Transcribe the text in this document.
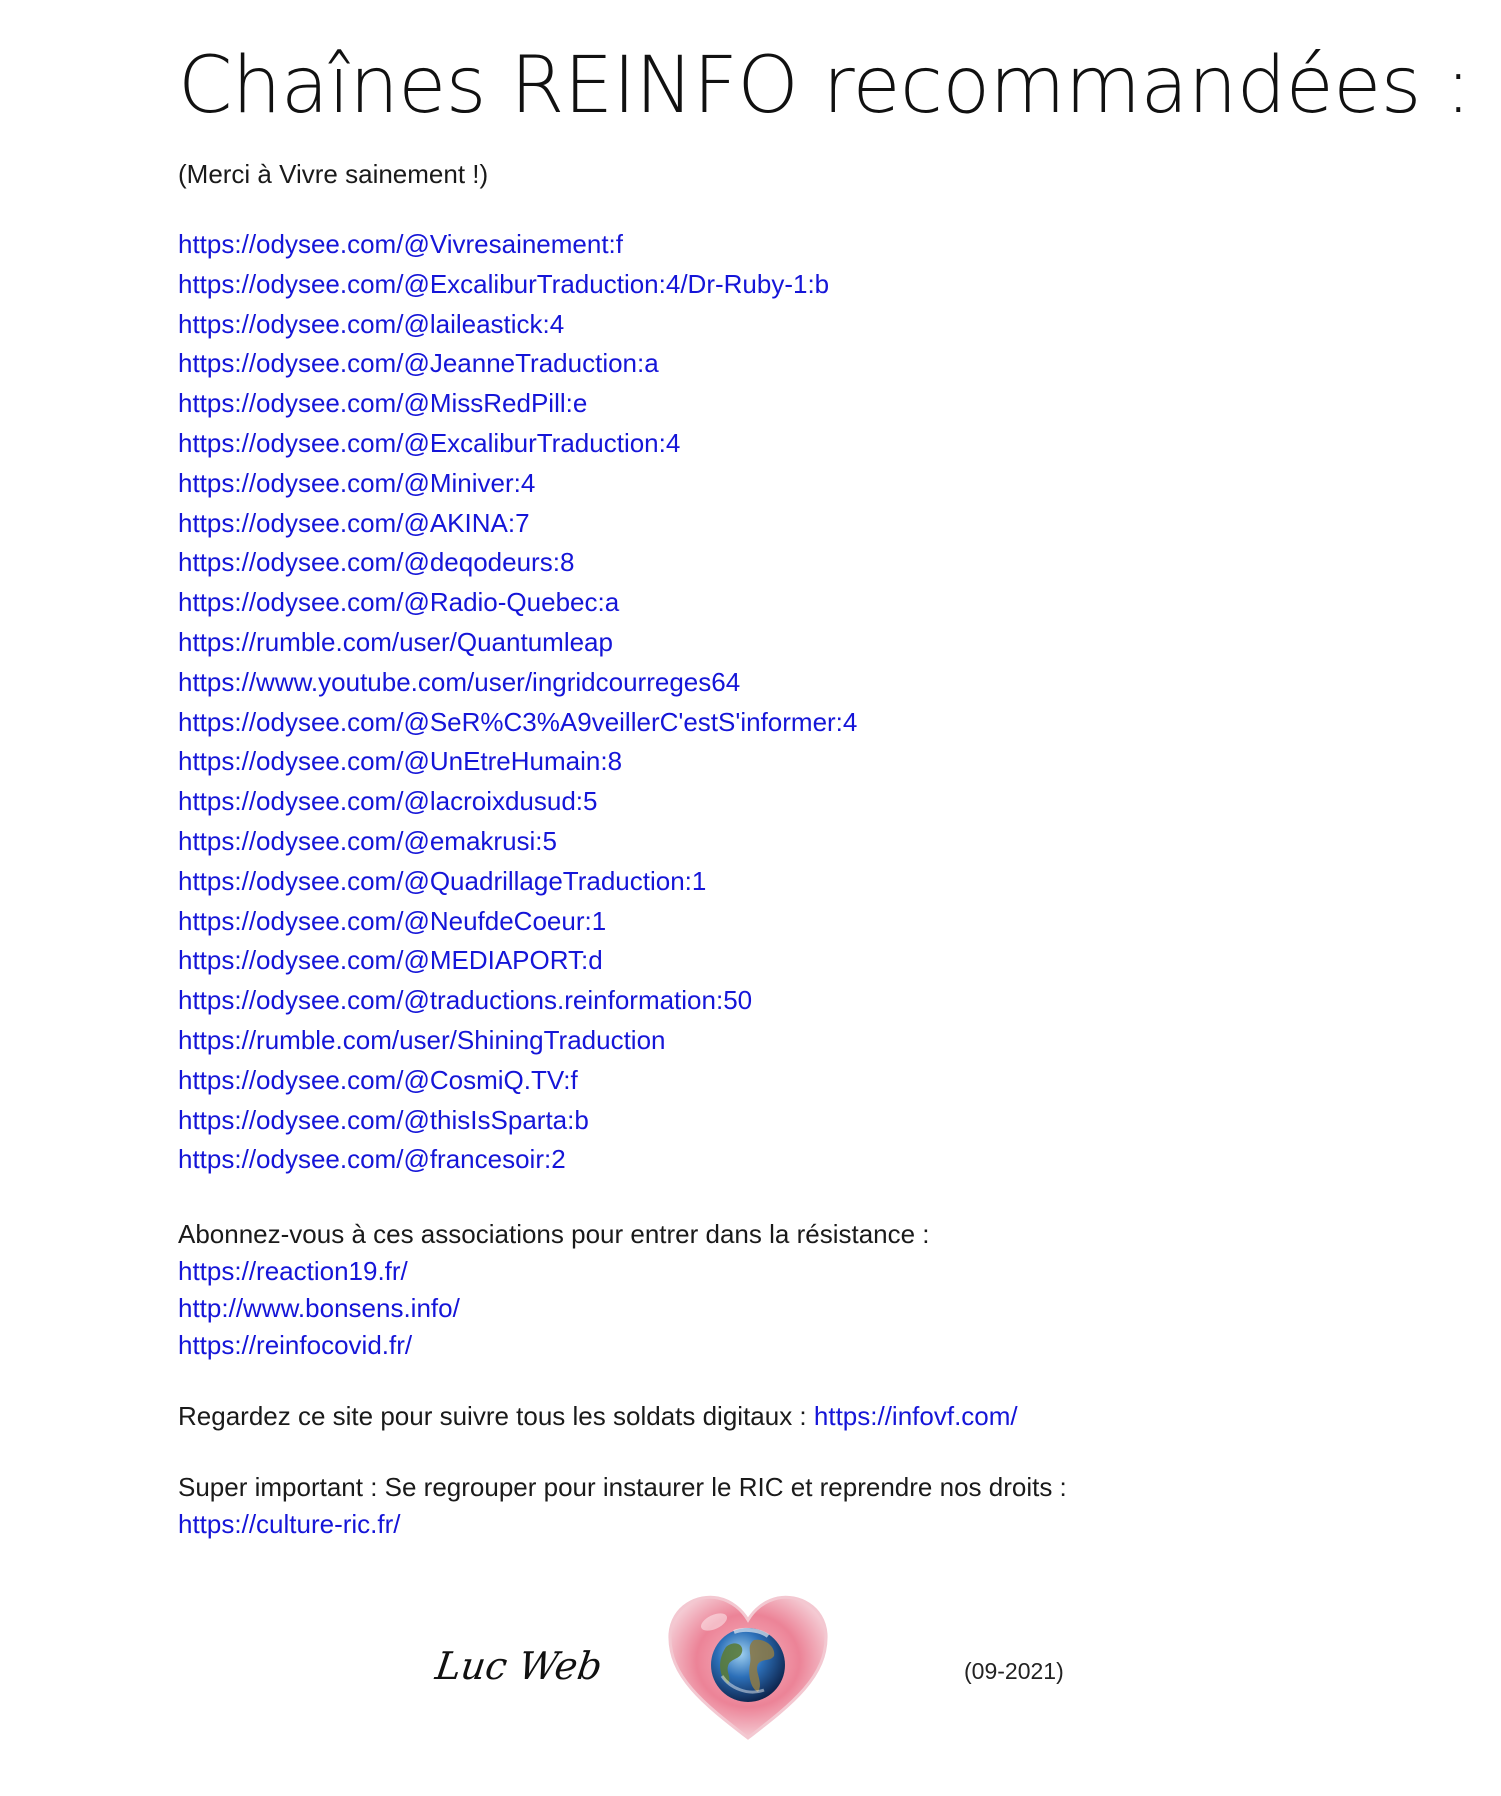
Chaînes REINFO recommandées :
(Merci à Vivre sainement !)
https://odysee.com/@Vivresainement:f
https://odysee.com/@ExcaliburTraduction:4/Dr-Ruby-1:b
https://odysee.com/@laileastick:4
https://odysee.com/@JeanneTraduction:a
https://odysee.com/@MissRedPill:e
https://odysee.com/@ExcaliburTraduction:4
https://odysee.com/@Miniver:4
https://odysee.com/@AKINA:7
https://odysee.com/@deqodeurs:8
https://odysee.com/@Radio-Quebec:a
https://rumble.com/user/Quantumleap
https://www.youtube.com/user/ingridcourreges64
https://odysee.com/@SeR%C3%A9veillerC'estS'informer:4
https://odysee.com/@UnEtreHumain:8
https://odysee.com/@lacroixdusud:5
https://odysee.com/@emakrusi:5
https://odysee.com/@QuadrillageTraduction:1
https://odysee.com/@NeufdeCoeur:1
https://odysee.com/@MEDIAPORT:d
https://odysee.com/@traductions.reinformation:50
https://rumble.com/user/ShiningTraduction
https://odysee.com/@CosmiQ.TV:f
https://odysee.com/@thisIsSparta:b
https://odysee.com/@francesoir:2
Abonnez-vous à ces associations pour entrer dans la résistance :
https://reaction19.fr/
http://www.bonsens.info/
https://reinfocovid.fr/
Regardez ce site pour suivre tous les soldats digitaux : https://infovf.com/
Super important : Se regrouper pour instaurer le RIC et reprendre nos droits :
https://culture-ric.fr/
Luc Web	(09-2021)
